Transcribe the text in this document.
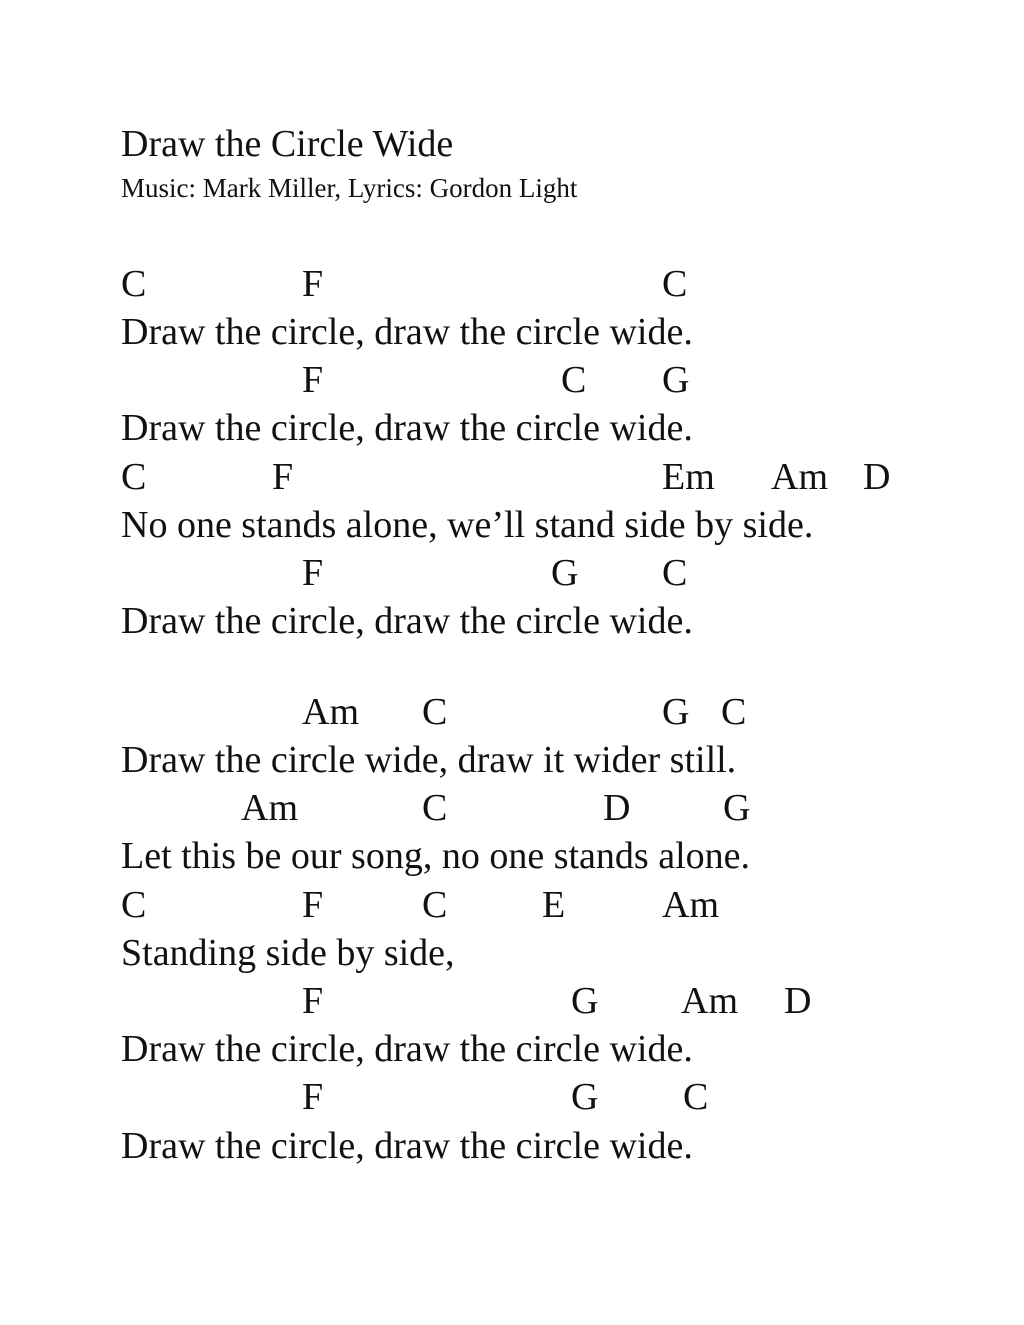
Draw the Circle Wide
Music: Mark Miller, Lyrics: Gordon Light
C	F	C
Draw the circle, draw the circle wide.
F	C G
Draw the circle, draw the circle wide.
C	F	Em Am D
No one stands alone, we’ll stand side by side.
F	G C
Draw the circle, draw the circle wide.
Am C	G C
Draw the circle wide, draw it wider still.
Am	C	D G
Let this be our song, no one stands alone.
C	F	C E	Am
Standing side by side,
F	G Am D
Draw the circle, draw the circle wide.
F	G C
Draw the circle, draw the circle wide.
